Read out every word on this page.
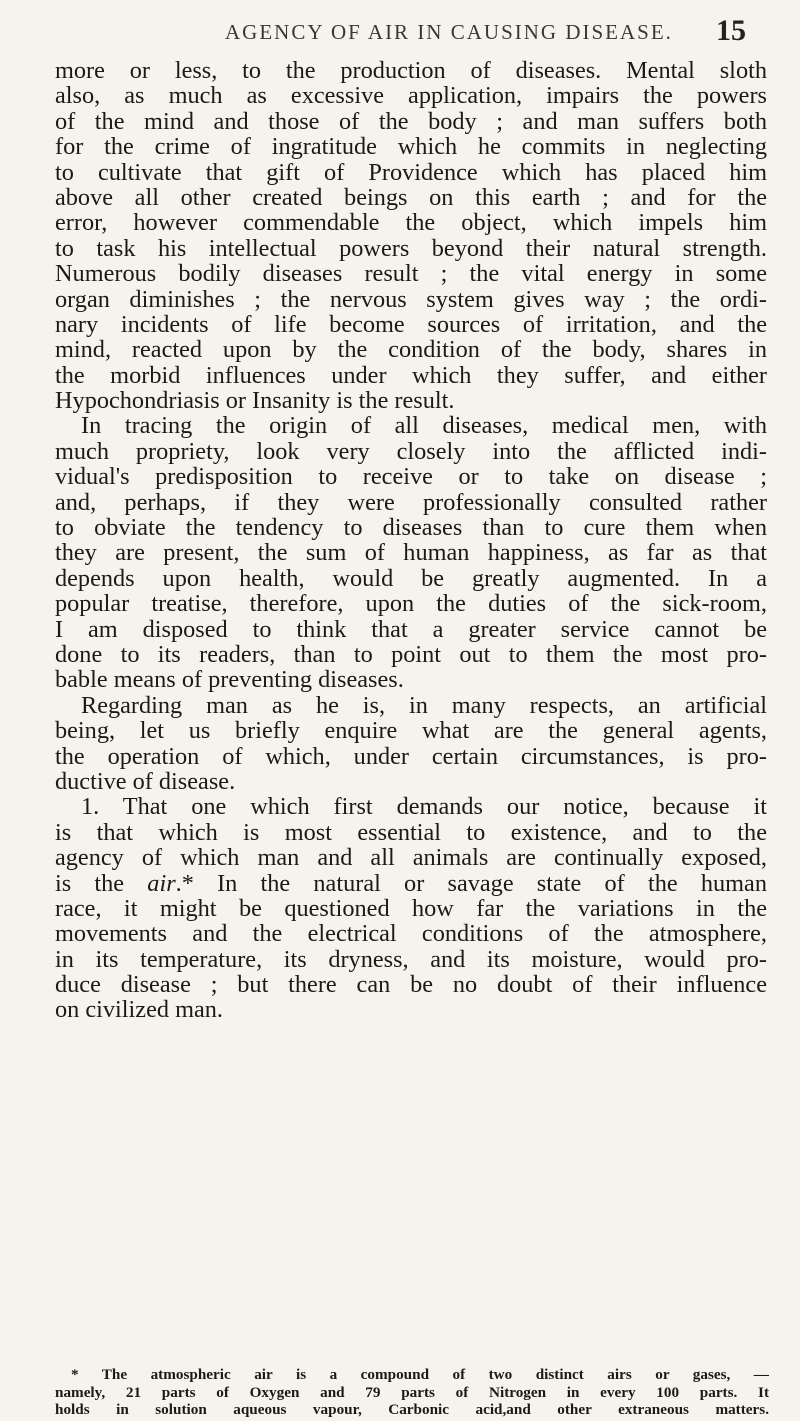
AGENCY OF AIR IN CAUSING DISEASE.	15
more or less, to the production of diseases. Mental sloth
also, as much as excessive application, impairs the powers
of the mind and those of the body ; and man suffers both
for the crime of ingratitude which he commits in neglecting
to cultivate that gift of Providence which has placed him
above all other created beings on this earth ; and for the
error, however commendable the object, which impels him
to task his intellectual powers beyond their natural strength.
Numerous bodily diseases result ; the vital energy in some
organ diminishes ; the nervous system gives way ; the ordi-
nary incidents of life become sources of irritation, and the
mind, reacted upon by the condition of the body, shares in
the morbid influences under which they suffer, and either
Hypochondriasis or Insanity is the result.
In tracing the origin of all diseases, medical men, with
much propriety, look very closely into the afflicted indi-
vidual's predisposition to receive or to take on disease ;
and, perhaps, if they were professionally consulted rather
to obviate the tendency to diseases than to cure them when
they are present, the sum of human happiness, as far as that
depends upon health, would be greatly augmented. In a
popular treatise, therefore, upon the duties of the sick-room,
I am disposed to think that a greater service cannot be
done to its readers, than to point out to them the most pro-
bable means of preventing diseases.
Regarding man as he is, in many respects, an artificial
being, let us briefly enquire what are the general agents,
the operation of which, under certain circumstances, is pro-
ductive of disease.
1. That one which first demands our notice, because it
is that which is most essential to existence, and to the
agency of which man and all animals are continually exposed,
is the air.* In the natural or savage state of the human
race, it might be questioned how far the variations in the
movements and the electrical conditions of the atmosphere,
in its temperature, its dryness, and its moisture, would pro-
duce disease ; but there can be no doubt of their influence
on civilized man.
* The atmospheric air is a compound of two distinct airs or gases, —
namely, 21 parts of Oxygen and 79 parts of Nitrogen in every 100 parts. It
holds in solution aqueous vapour, Carbonic acid,and other extraneous matters.
